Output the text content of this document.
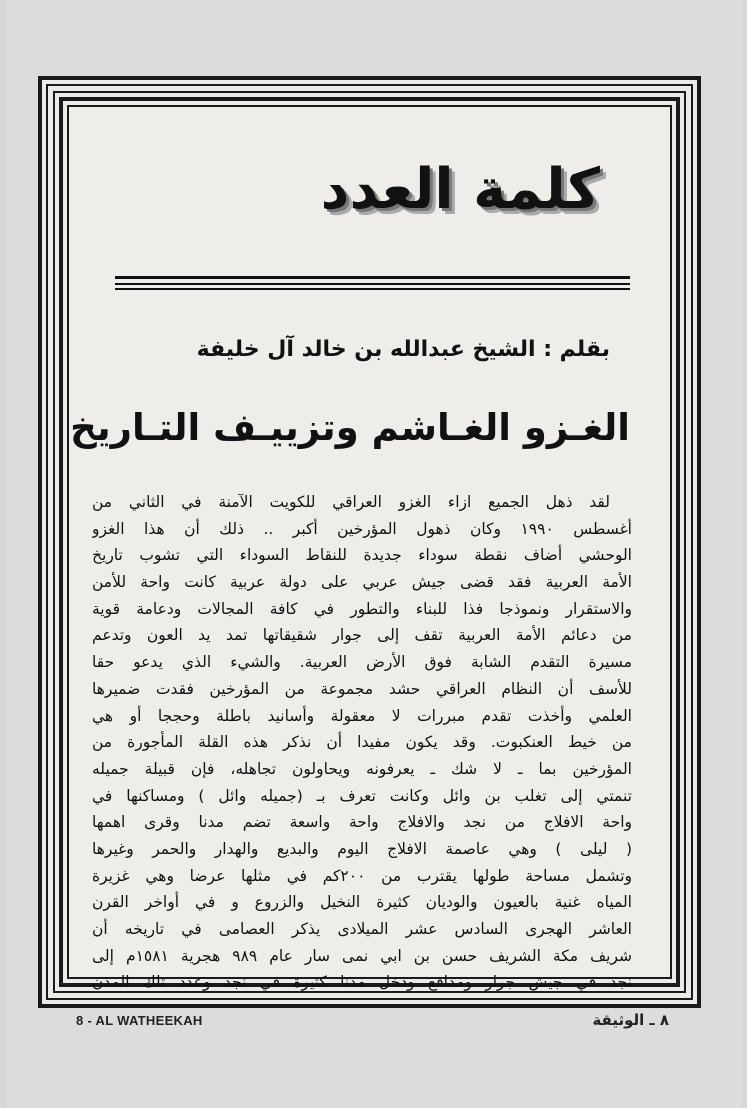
كلمة العدد
بقلم : الشيخ عبدالله بن خالد آل خليفة
الغـزو الغـاشم وتزييـف التـاريخ
لقد ذهل الجميع ازاء الغزو العراقي للكويت الآمنة في الثاني من
أغسطس ١٩٩٠ وكان ذهول المؤرخين أكبر .. ذلك أن هذا الغزو
الوحشي أضاف نقطة سوداء جديدة للنقاط السوداء التي تشوب تاريخ
الأمة العربية فقد قضى جيش عربي على دولة عربية كانت واحة للأمن
والاستقرار ونموذجا فذا للبناء والتطور في كافة المجالات ودعامة قوية
من دعائم الأمة العربية تقف إلى جوار شقيقاتها تمد يد العون وتدعم
مسيرة التقدم الشابة فوق الأرض العربية. والشيء الذي يدعو حقا
للأسف أن النظام العراقي حشد مجموعة من المؤرخين فقدت ضميرها
العلمي وأخذت تقدم مبررات لا معقولة وأسانيد باطلة وحججا أو هي
من خيط العنكبوت. وقد يكون مفيدا أن نذكر هذه القلة المأجورة من
المؤرخين بما ـ لا شك ـ يعرفونه ويحاولون تجاهله، فإن قبيلة جميله
تنمتي إلى تغلب بن وائل وكانت تعرف بـ (جميله وائل ) ومساكنها في
واحة الافلاج من نجد والافلاج واحة واسعة تضم مدنا وقرى اهمها
( ليلى ) وهي عاصمة الافلاج اليوم والبديع والهدار والحمر وغيرها
وتشمل مساحة طولها يقترب من ٢٠٠كم في مثلها عرضا وهي غزيرة
المياه غنية بالعيون والوديان كثيرة النخيل والزروع و في أواخر القرن
العاشر الهجرى السادس عشر الميلادى يذكر العصامى في تاريخه أن
شريف مكة الشريف حسن بن ابي نمى سار عام ٩٨٩ هجرية ١٥٨١م إلى
نجد في جيش جرار ومدافع ودخل مدنا كثيرة في نجد وعدد تلك المدن
8 - AL WATHEEKAH	٨ ـ الوثيقة
